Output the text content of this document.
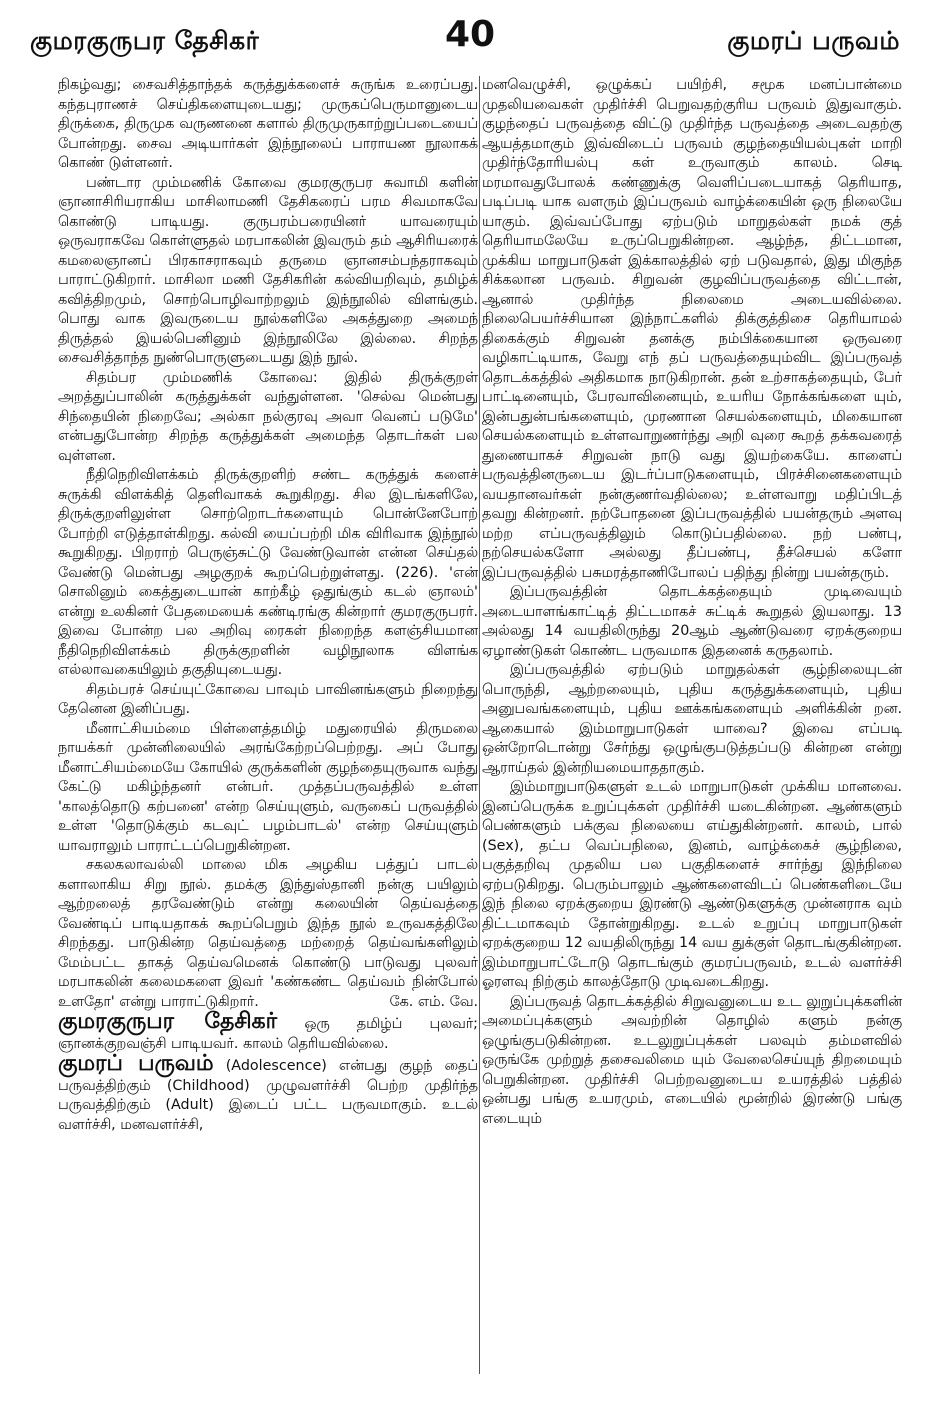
குமரகுருபர தேசிகர்	40	குமரப் பருவம்

நிகழ்வது; சைவசித்தாந்தக் கருத்துக்களைச் சுருங்க உரைப்பது. கந்தபுராணச் செய்திகளையுடையது; முருகப்பெருமானுடைய திருக்கை, திருமுக வருணனை களால் திருமுருகாற்றுப்படையைப் போன்றது. சைவ அடியார்கள் இந்நூலைப் பாராயண நூலாகக் கொண் டுள்ளனர்.

பண்டார மும்மணிக் கோவை குமரகுருபர சுவாமி களின் ஞானாசிரியராகிய மாசிலாமணி தேசிகரைப் பரம சிவமாகவே கொண்டு பாடியது. குருபரம்பரையினர் யாவரையும் ஒருவராகவே கொள்ளுதல் மரபாகலின் இவரும் தம் ஆசிரியரைக் கமலைஞானப் பிரகாசராகவும் தருமை ஞானசம்பந்தராகவும் பாராட்டுகிறார். மாசிலா மணி தேசிகரின் கல்வியறிவும், தமிழ்க் கவித்திறமும், சொற்பொழிவாற்றலும் இந்நூலில் விளங்கும். பொது வாக இவருடைய நூல்களிலே அகத்துறை அமைந் திருத்தல் இயல்பெனினும் இந்நூலிலே இல்லை. சிறந்த சைவசித்தாந்த நுண்பொருளுடையது இந் நூல்.

சிதம்பர மும்மணிக் கோவை: இதில் திருக்குறள் அறத்துப்பாலின் கருத்துக்கள் வந்துள்ளன. 'செல்வ மென்பது சிந்தையின் நிறைவே; அல்கா நல்குரவு அவா வெனப் படுமே' என்பதுபோன்ற சிறந்த கருத்துக்கள் அமைந்த தொடர்கள் பல வுள்ளன.

நீதிநெறிவிளக்கம் திருக்குறளிற் சண்ட கருத்துக் களைச் சுருக்கி விளக்கித் தெளிவாகக் கூறுகிறது. சில இடங்களிலே, திருக்குறளிலுள்ள சொற்றொடர்களையும் பொன்னேபோற் போற்றி எடுத்தாள்கிறது. கல்வி யைப்பற்றி மிக விரிவாக இந்நூல் கூறுகிறது. பிறராற் பெருஞ்சுட்டு வேண்டுவான் என்ன செய்தல் வேண்டு மென்பது அழகுறக் கூறப்பெற்றுள்ளது. (226). 'என் சொலினும் கைத்துடையான் காற்கீழ் ஒதுங்கும் கடல் ஞாலம்' என்று உலகினர் பேதமையைக் கண்டிரங்கு கின்றார் குமரகுருபரர். இவை போன்ற பல அறிவு ரைகள் நிறைந்த களஞ்சியமான நீதிநெறிவிளக்கம் திருக்குறளின் வழிநூலாக விளங்க எல்லாவகையிலும் தகுதியுடையது.

சிதம்பரச் செய்யுட்கோவை பாவும் பாவினங்களும் நிறைந்து தேனென இனிப்பது.

மீனாட்சியம்மை பிள்ளைத்தமிழ் மதுரையில் திருமலை நாயக்கர் முன்னிலையில் அரங்கேற்றப்பெற்றது. அப் போது மீனாட்சியம்மையே கோயில் குருக்களின் குழந்தையுருவாக வந்து கேட்டு மகிழ்ந்தனர் என்பர். முத்தப்பருவத்தில் உள்ள 'காலத்தொடு கற்பனை' என்ற செய்யுளும், வருகைப் பருவத்தில் உள்ள 'தொடுக்கும் கடவுட் பழம்பாடல்' என்ற செய்யுளும் யாவராலும் பாராட்டப்பெறுகின்றன.

சகலகலாவல்லி மாலை மிக அழகிய பத்துப் பாடல் களாலாகிய சிறு நூல். தமக்கு இந்துஸ்தானி நன்கு பயிலும் ஆற்றலைத் தரவேண்டும் என்று கலையின் தெய்வத்தை வேண்டிப் பாடியதாகக் கூறப்பெறும் இந்த நூல் உருவகத்திலே சிறந்தது. பாடுகின்ற தெய்வத்தை மற்றைத் தெய்வங்களிலும் மேம்பட்ட தாகத் தெய்வமெனக் கொண்டு பாடுவது புலவர் மரபாகலின் கலைமகளை இவர் 'கண்கண்ட தெய்வம் நின்போல் உளதோ' என்று பாராட்டுகிறார்.	கே. எம். வே.

குமரகுருபர தேசிகர் ஒரு தமிழ்ப் புலவர்; ஞானக்குறவஞ்சி பாடியவர். காலம் தெரியவில்லை.

குமரப் பருவம் (Adolescence) என்பது குழந் தைப் பருவத்திற்கும் (Childhood) முழுவளர்ச்சி பெற்ற முதிர்ந்த பருவத்திற்கும் (Adult) இடைப் பட்ட பருவமாகும். உடல் வளர்ச்சி, மனவளர்ச்சி,

மனவெழுச்சி, ஒழுக்கப் பயிற்சி, சமூக மனப்பான்மை முதலியவைகள் முதிர்ச்சி பெறுவதற்குரிய பருவம் இதுவாகும். குழந்தைப் பருவத்தை விட்டு முதிர்ந்த பருவத்தை அடைவதற்கு ஆயத்தமாகும் இவ்விடைப் பருவம் குழந்தையியல்புகள் மாறி முதிர்ந்தோரியல்பு கள் உருவாகும் காலம். செடி மரமாவதுபோலக் கண்ணுக்கு வெளிப்படையாகத் தெரியாத, படிப்படி யாக வளரும் இப்பருவம் வாழ்க்கையின் ஒரு நிலையே யாகும். இவ்வப்போது ஏற்படும் மாறுதல்கள் நமக் குத் தெரியாமலேயே உருப்பெறுகின்றன. ஆழ்ந்த, திட்டமான, முக்கிய மாறுபாடுகள் இக்காலத்தில் ஏற் படுவதால், இது மிகுந்த சிக்கலான பருவம். சிறுவன் குழவிப்பருவத்தை விட்டான், ஆனால் முதிர்ந்த நிலைமை அடையவில்லை. நிலைபெயர்ச்சியான இந்நாட்களில் திக்குத்திசை தெரியாமல் திகைக்கும் சிறுவன் தனக்கு நம்பிக்கையான ஒருவரை வழிகாட்டியாக, வேறு எந் தப் பருவத்தையும்விட இப்பருவத் தொடக்கத்தில் அதிகமாக நாடுகிறான். தன் உற்சாகத்தையும், பேர் பாட்டினையும், பேரவாவினையும், உயரிய நோக்கங்களை யும், இன்பதுன்பங்களையும், முரணான செயல்களையும், மிகையான செயல்களையும் உள்ளவாறுணர்ந்து அறி வுரை கூறத் தக்கவரைத் துணையாகச் சிறுவன் நாடு வது இயற்கையே. காளைப் பருவத்தினருடைய இடர்ப்பாடுகளையும், பிரச்சினைகளையும் வயதானவர்கள் நன்குணர்வதில்லை; உள்ளவாறு மதிப்பிடத் தவறு கின்றனர். நற்போதனை இப்பருவத்தில் பயன்தரும் அளவு மற்ற எப்பருவத்திலும் கொடுப்பதில்லை. நற் பண்பு, நற்செயல்களோ அல்லது தீப்பண்பு, தீச்செயல் களோ இப்பருவத்தில் பசுமரத்தாணிபோலப் பதிந்து நின்று பயன்தரும்.

இப்பருவத்தின் தொடக்கத்தையும் முடிவையும் அடையாளங்காட்டித் திட்டமாகச் சுட்டிக் கூறுதல் இயலாது. 13 அல்லது 14 வயதிலிருந்து 20ஆம் ஆண்டுவரை ஏறக்குறைய ஏழாண்டுகள் கொண்ட பருவமாக இதனைக் கருதலாம்.

இப்பருவத்தில் ஏற்படும் மாறுதல்கள் சூழ்நிலையுடன் பொருந்தி, ஆற்றலையும், புதிய கருத்துக்களையும், புதிய அனுபவங்களையும், புதிய ஊக்கங்களையும் அளிக்கின் றன. ஆகையால் இம்மாறுபாடுகள் யாவை? இவை எப்படி ஒன்றோடொன்று சேர்ந்து ஒழுங்குபடுத்தப்படு கின்றன என்று ஆராய்தல் இன்றியமையாததாகும்.

இம்மாறுபாடுகளுள் உடல் மாறுபாடுகள் முக்கிய மானவை. இனப்பெருக்க உறுப்புக்கள் முதிர்ச்சி யடைகின்றன. ஆண்களும் பெண்களும் பக்குவ நிலையை எய்துகின்றனர். காலம், பால் (Sex), தட்ப வெப்பநிலை, இனம், வாழ்க்கைச் சூழ்நிலை, பகுத்தறிவு முதலிய பல பகுதிகளைச் சார்ந்து இந்நிலை ஏற்படுகிறது. பெரும்பாலும் ஆண்களைவிடப் பெண்களிடையே இந் நிலை ஏறக்குறைய இரண்டு ஆண்டுகளுக்கு முன்னராக வும் திட்டமாகவும் தோன்றுகிறது. உடல் உறுப்பு மாறுபாடுகள் ஏறக்குறைய 12 வயதிலிருந்து 14 வய துக்குள் தொடங்குகின்றன. இம்மாறுபாட்டோடு தொடங்கும் குமரப்பருவம், உடல் வளர்ச்சி ஓரளவு நிற்கும் காலத்தோடு முடிவடைகிறது.

இப்பருவத் தொடக்கத்தில் சிறுவனுடைய உட லுறுப்புக்களின் அமைப்புக்களும் அவற்றின் தொழில் களும் நன்கு ஒழுங்குபடுகின்றன. உடலுறுப்புக்கள் பலவும் தம்மளவில் ஒருங்கே முற்றுத் தசைவலிமை யும் வேலைசெய்யுந் திறமையும் பெறுகின்றன. முதிர்ச்சி பெற்றவனுடைய உயரத்தில் பத்தில் ஒன்பது பங்கு உயரமும், எடையில் மூன்றில் இரண்டு பங்கு எடையும்
